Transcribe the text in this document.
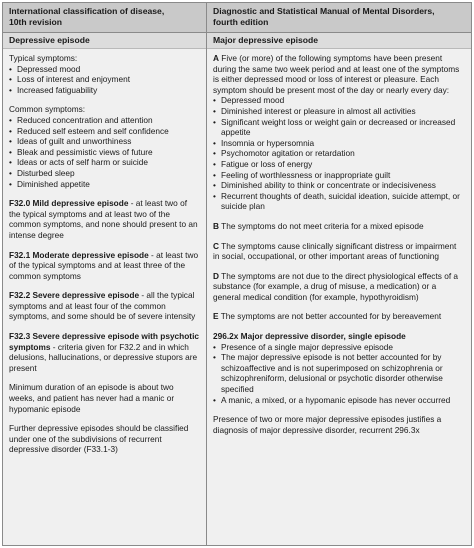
International classification of disease,
10th revision
Depressive episode

Typical symptoms:

• Depressed mood
• Loss of interest and enjoyment
• Increased fatiguability

Common symptoms:

• Reduced concentration and attention
• Reduced self esteem and self confidence
• Ideas of guilt and unworthiness
• Bleak and pessimistic views of future
• Ideas or acts of self harm or suicide
• Disturbed sleep
• Diminished appetite

F32.0 Mild depressive episode - at least two of the typical symptoms and at least two of the common symptoms, and none should present to an intense degree

F32.1 Moderate depressive episode - at least two of the typical symptoms and at least three of the common symptoms

F32.2 Severe depressive episode - all the typical symptoms and at least four of the common symptoms, and some should be of severe intensity

F32.3 Severe depressive episode with psychotic symptoms - criteria given for F32.2 and in which delusions, hallucinations, or depressive stupors are present

Minimum duration of an episode is about two weeks, and patient has never had a manic or hypomanic episode

Further depressive episodes should be classified under one of the subdivisions of recurrent depressive disorder (F33.1-3)

Diagnostic and Statistical Manual of Mental Disorders,
fourth edition
Major depressive episode

A Five (or more) of the following symptoms have been present during the same two week period and at least one of the symptoms is either depressed mood or loss of interest or pleasure. Each symptom should be present most of the day or nearly every day:

• Depressed mood
• Diminished interest or pleasure in almost all activities
• Significant weight loss or weight gain or decreased or increased appetite
• Insomnia or hypersomnia
• Psychomotor agitation or retardation
• Fatigue or loss of energy
• Feeling of worthlessness or inappropriate guilt
• Diminished ability to think or concentrate or indecisiveness
• Recurrent thoughts of death, suicidal ideation, suicide attempt, or suicide plan

B The symptoms do not meet criteria for a mixed episode

C The symptoms cause clinically significant distress or impairment in social, occupational, or other important areas of functioning

D The symptoms are not due to the direct physiological effects of a substance (for example, a drug of misuse, a medication) or a general medical condition (for example, hypothyroidism)

E The symptoms are not better accounted for by bereavement

296.2x Major depressive disorder, single episode

• Presence of a single major depressive episode
• The major depressive episode is not better accounted for by schizoaffective and is not superimposed on schizophrenia or schizophreniform, delusional or psychotic disorder otherwise specified
• A manic, a mixed, or a hypomanic episode has never occurred

Presence of two or more major depressive episodes justifies a diagnosis of major depressive disorder, recurrent 296.3x
